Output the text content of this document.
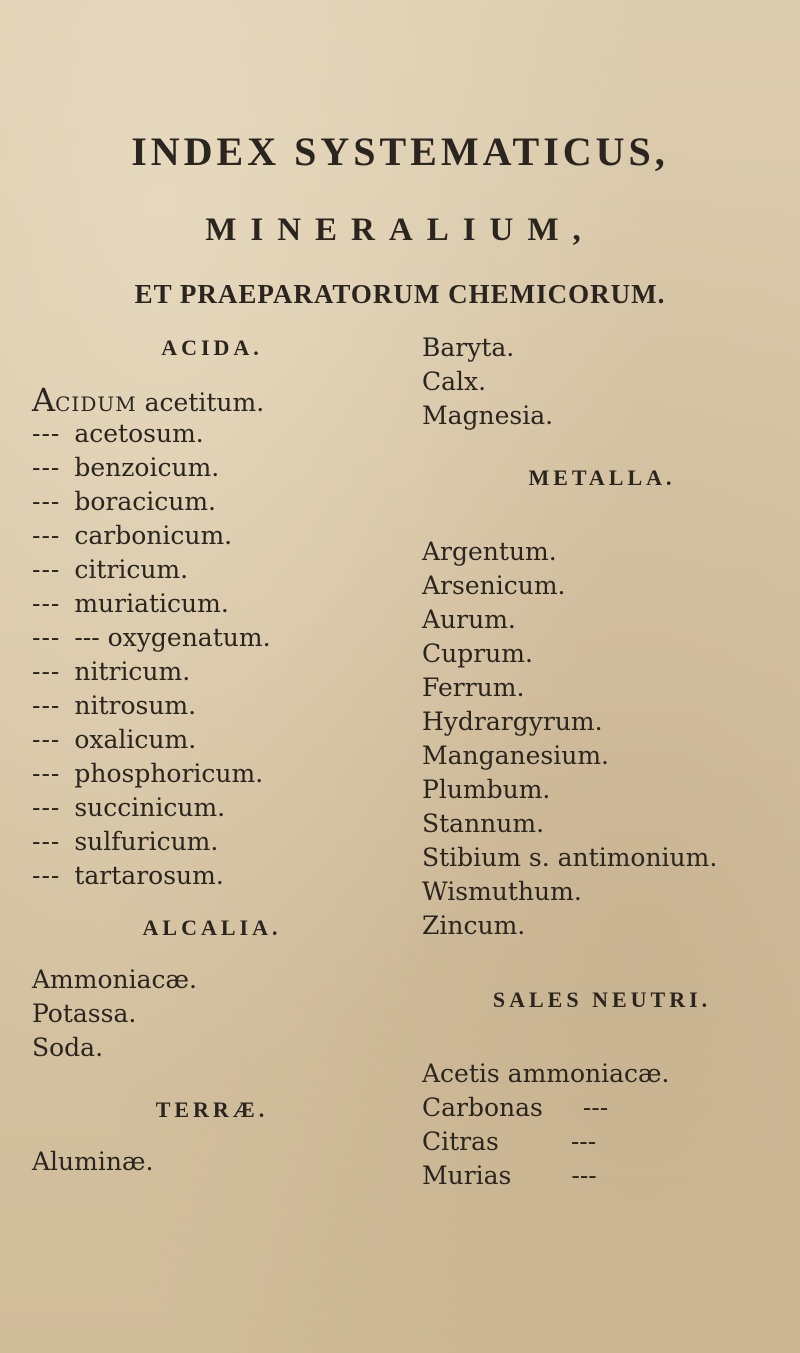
INDEX SYSTEMATICUS,
MINERALIUM,
ET PRAEPARATORUM CHEMICORUM.
ACIDA.
ACIDUM acetitum.
--- acetosum.
--- benzoicum.
--- boracicum.
--- carbonicum.
--- citricum.
--- muriaticum.
--- --- oxygenatum.
--- nitricum.
--- nitrosum.
--- oxalicum.
--- phosphoricum.
--- succinicum.
--- sulfuricum.
--- tartarosum.
ALCALIA.
Ammoniacæ.
Potassa.
Soda.
TERRÆ.
Aluminæ.
Baryta.
Calx.
Magnesia.
METALLA.
Argentum.
Arsenicum.
Aurum.
Cuprum.
Ferrum.
Hydrargyrum.
Manganesium.
Plumbum.
Stannum.
Stibium s. antimonium.
Wismuthum.
Zincum.
SALES NEUTRI.
Acetis ammoniacæ.
Carbonas ---
Citras	---
Murias ---
